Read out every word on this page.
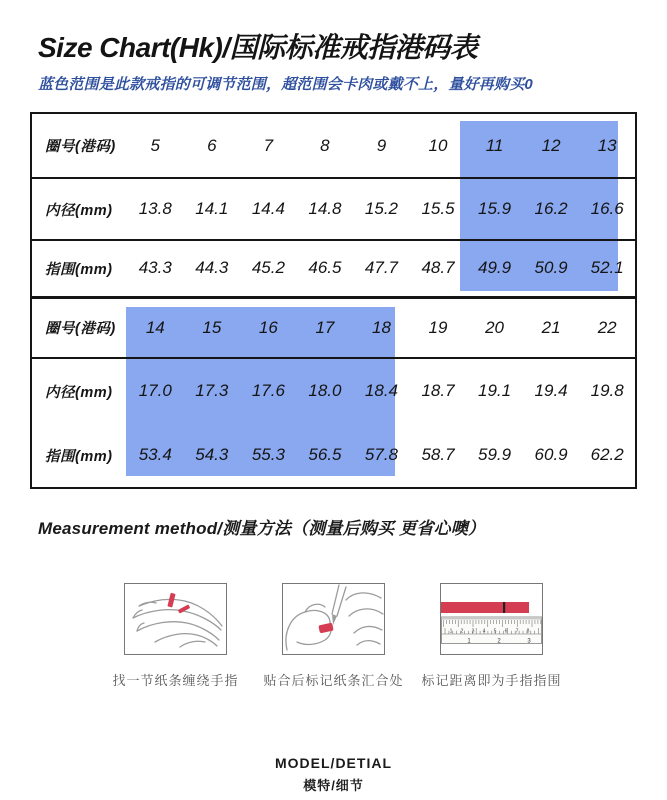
Size Chart(Hk)/国际标准戒指港码表

蓝色范围是此款戒指的可调节范围，超范围会卡肉或戴不上，量好再购买0

圈号(港码)	5	6	7	8	9	10	11	12	13
内径(mm)	13.8	14.1	14.4	14.8	15.2	15.5	15.9	16.2	16.6
指围(mm)	43.3	44.3	45.2	46.5	47.7	48.7	49.9	50.9	52.1
圈号(港码)	14	15	16	17	18	19	20	21	22
内径(mm)	17.0	17.3	17.6	18.0	18.4	18.7	19.1	19.4	19.8
指围(mm)	53.4	54.3	55.3	56.5	57.8	58.7	59.9	60.9	62.2
Measurement method/测量方法（测量后购买 更省心噢）
找一节纸条缠绕手指 贴合后标记纸条汇合处
1 2 3 4 5 6 7 8
1	2	3
标记距离即为手指指围
MODEL/DETIAL
模特/细节
